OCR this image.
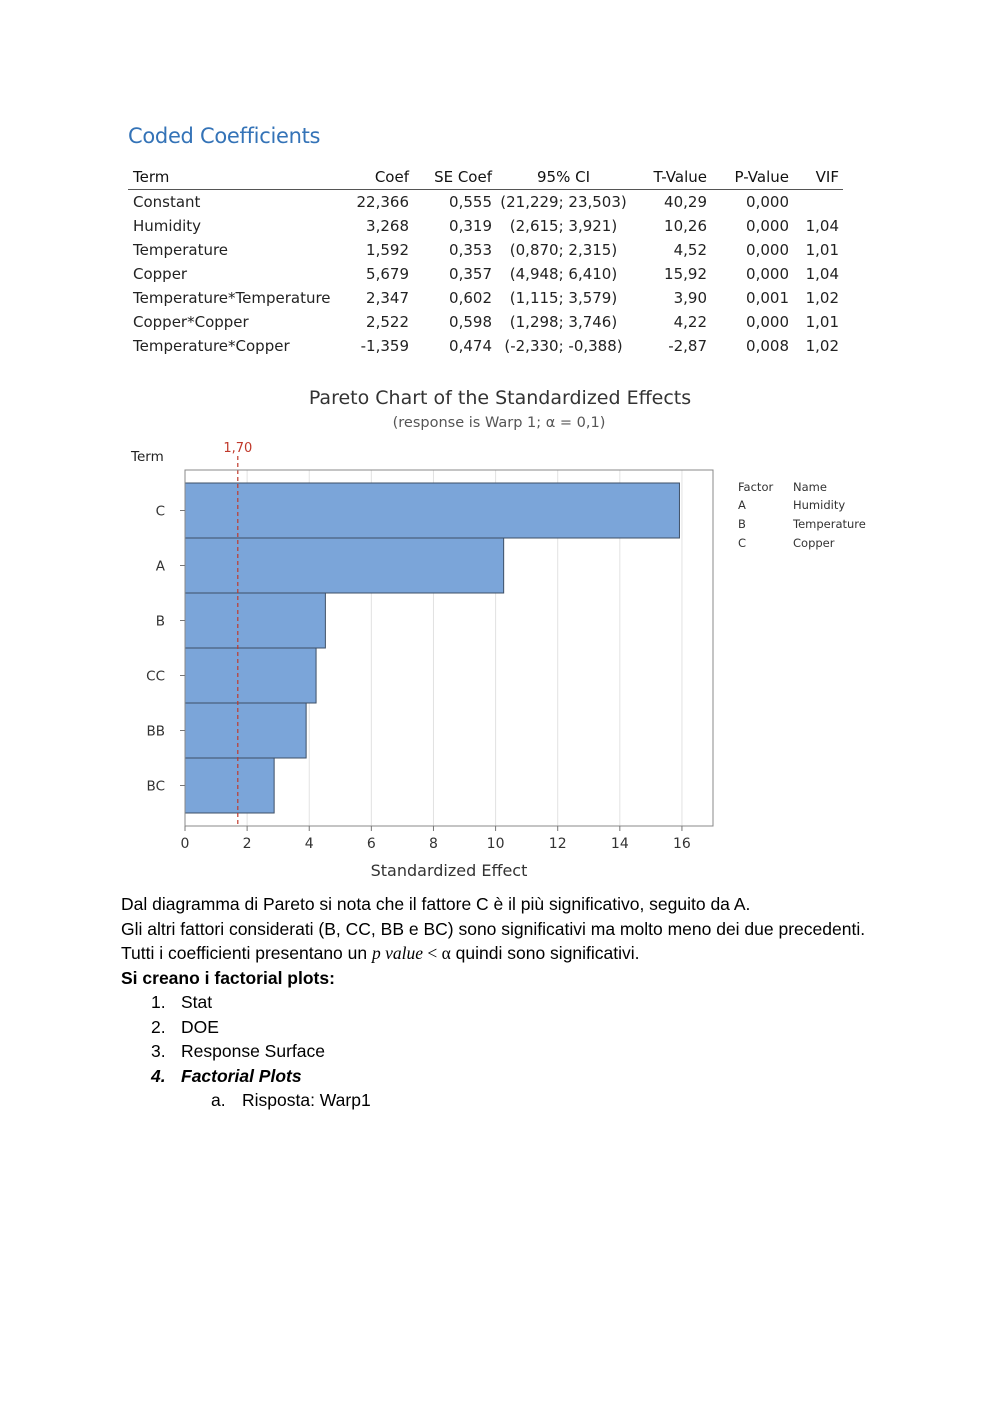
Coded Coefficients
Term	Coef	SE Coef	95% CI	T-Value	P-Value	VIF
Constant	22,366	0,555	(21,229; 23,503)	40,29	0,000	
Humidity	3,268	0,319	(2,615; 3,921)	10,26	0,000	1,04
Temperature	1,592	0,353	(0,870; 2,315)	4,52	0,000	1,01
Copper	5,679	0,357	(4,948; 6,410)	15,92	0,000	1,04
Temperature*Temperature	2,347	0,602	(1,115; 3,579)	3,90	0,001	1,02
Copper*Copper	2,522	0,598	(1,298; 3,746)	4,22	0,000	1,01
Temperature*Copper	-1,359	0,474	(-2,330; -0,388)	-2,87	0,008	1,02
Pareto Chart of the Standardized Effects
(response is Warp 1; α = 0,1)
Term
Standardized Effect
1,70
0	2	4	6	8	10	12	14	16
C
A
B
CC
BB
BC
Factor Name
A	Humidity
B	Temperature
C	Copper

Dal diagramma di Pareto si nota che il fattore C è il più significativo, seguito da A.

Gli altri fattori considerati (B, CC, BB e BC) sono significativi ma molto meno dei due precedenti.

Tutti i coefficienti presentano un p value < α quindi sono significativi.

Si creano i factorial plots:

1. Stat
2. DOE
3. Response Surface
4. Factorial Plots
a. Risposta: Warp1
